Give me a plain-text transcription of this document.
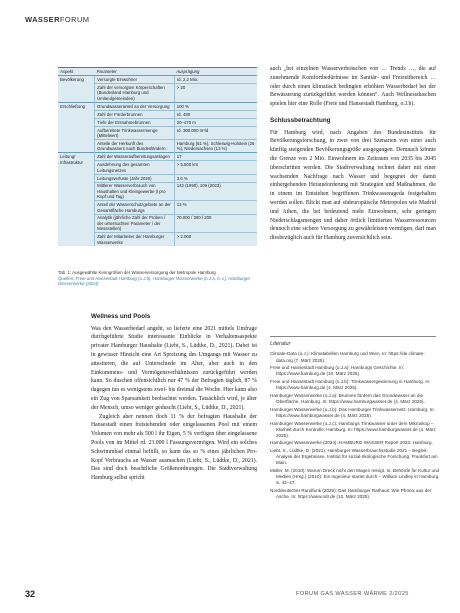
WASSERFORUM
Aspekt	Parameter	Ausprägung
Bevölkerung	Versorgte Einwohner	rd. 2,2 Mio.
	Zahl der versorgten Körperschaften (Bundesland Hamburg und Umlandgemeinden)	> 20
Erschließung	Grundwasseranteil an der Versorgung	100 %
	Zahl der Förderbrunnen	rd. 480
	Tiefe der Entnahmebrunnen	20–470 m
	Aufbereitete Trinkwassermenge (Mittelwert)	rd. 300.000 m³/d
	Anteile der Herkunft des Grundwassers nach Bundesländern	Hamburg (61 %), Schleswig-Holstein (26 %), Niedersachsen (13 %)
Leitung/ Infrastruktur	Zahl der Wasseraufbereitungsanlagen	17
	Ausdehnung des gesamten Leitungsnetzes	> 5.500 km
	Leitungsverluste (Jahr 2020)	3,6 %
	Mittlerer Wasserverbrauch von Haushalten und Kleingewerbe (l pro Kopf und Tag)	142 (1990), 106 (2023)
	Anteil der Wasserschutzgebiete an der Gesamtfläche Hamburgs	13 %
	Analytik (jährliche Zahl der Proben / der untersuchten Parameter / der Messstellen)	70.000 / 300 / 200
	Zahl der Mitarbeiter der Hamburger Wasserwerke	> 2.000
Tab. 1: Ausgewählte Kenngrößen der Wasserversorgung der Metropole Hamburg
Quellen: Freie und Hansestadt Hamburg (o.J.b), Hamburger Wasserwerke (o.J.a, b, c), Hamburger Wasserwerke (2024)
Wellness und Pools

Was den Wasserbedarf angeht, so lieferte eine 2021 mittels Umfrage durchgeführte Studie interessante Einblicke in Verhaltensaspekte privater Hamburger Haushalte (Liebt, S., Lüdtke, D., 2021). Dabei ist in gewisser Hinsicht eine Art Spreizung des Umgangs mit Wasser zu attestieren, die auf Unterschiede im Alter, aber auch in den Einkommens- und Vermögensverhältnissen zurückgeführt werden kann. So duschen offensichtlich nur 47 % der Befragten täglich, 87 % dagegen tun es wenigstens zwei- bis dreimal die Woche. Hier kann also ein Zug von Sparsamkeit beobachtet werden. Tatsächlich wird, je älter der Mensch, umso weniger geduscht (Liebt, S., Lüdtke, D., 2021).

Zugleich aber nennen doch 11 % der befragten Haushalte der Hansestadt einen freistehenden oder eingelassenen Pool mit einem Volumen von mehr als 500 l ihr Eigen, 5 % verfügen über eingelassene Pools von im Mittel rd. 23.000 l Fassungsvermögen. Wird ein solches Schwimmbad einmal befüllt, so kann das so % eines jährlichen Pro-Kopf Verbrauchs an Wasser ausmachen (Liebt, S., Lüdtke, D., 2021). Das sind doch beachtliche Größenordnungen. Die Stadtverwaltung Hamburg selbst spricht

auch „bei einzelnen Wasserverbräuchen von … Trends …, die auf zunehmende Komfortbedürfnisse im Sanitär- und Freizeitbereich … oder durch einen klimatisch bedingten erhöhten Wasserbedarf bei der Bewässerung zurückgeführt werden können“. Auch Wellnessduschen spielen hier eine Rolle (Freie und Hansestadt Hamburg, o.J.b).

Schlussbetrachtung

Für Hamburg wird, nach Angaben des Bundesinstituts für Bevölkerungsforschung, in zwei von drei Szenarien von einer auch künftig steigenden Bevölkerungsgröße ausgegangen. Demnach könnte die Grenze von 2 Mio. Einwohnern im Zeitraum von 2035 bis 2045 überschritten werden. Die Stadtverwaltung rechnet daher mit einer wachsenden Nachfrage nach Wasser und begegnet der damit einhergehenden Herausforderung mit Strategien und Maßnahmen, die in einem im Entstehen begriffenen Trinkwasserageda festgehalten werden sollen. Blickt man auf südeuropäische Metropolen wie Madrid und Athen, die bei bedeutend mehr Einwohnern, sehr geringen Niederschlagsmengen und daher örtlich limitierten Wasserressourcen dennoch eine sichere Versorgung zu gewährleisten vermögen, darf man diesbezüglich auch für Hamburg zuversichtlich sein.

Literatur
Climate-Data (o.J.): Klimatabellen Hamburg und Wien. In: https://de.climate-data.org (7. März 2025).
Freie und Hansestadt Hamburg (o.J.a): Hamburgs Geschichte. In: https://www.hamburg.de (10. März 2025).
Freie und Hansestadt Hamburg (o.J.b): Trinkwassergewinnung in Hamburg. In: https://www.hamburg.de (4. März 2025).
Hamburger Wasserwerke (o.J.a): Brunnen fördern das Grundwasser an die Oberfläche. Hamburg. In: https://www.hamburgwasser.de (4. März 2025).
Hamburger Wasserwerke (o.J.b): Das Hamburger Trinkwassernetz. Hamburg. In: https://www.hamburgwasser.de (4. März 2025).
Hamburger Wasserwerke (o.J.c): Hamburgs Trinkwasser unter dem Mikroskop – Klarheit durch Kontrolle. Hamburg. In: https://www.hamburgwasser.de (4. März 2025).
Hamburger Wasserwerke (2024): HAMBURG WASSER Report 2023. Hamburg.
Liebt, S., Lüdtke, D. (2021): Hamburger Wasserbrauchsstudie 2021 – Begleit-Analyse der Ergebnisse. Institut für sozial-ökologische Forschung. Frankfurt am Main.
Müller, M. (2010): Warum Dreck nicht den Magen reinigt. In: Behörde für Kultur und Medien (Hrsg.) (2010): Ein Ingenieur startet durch – William Lindley in Hamburg. S. 42–47.
Norddeutscher Rundfunk (2025): Das Hamburger Rathaus: Wie Phönix aus der Asche. In: https://www.ndr.de (10. März 2025).
32	FORUM GAS WASSER WÄRME 2/2025
